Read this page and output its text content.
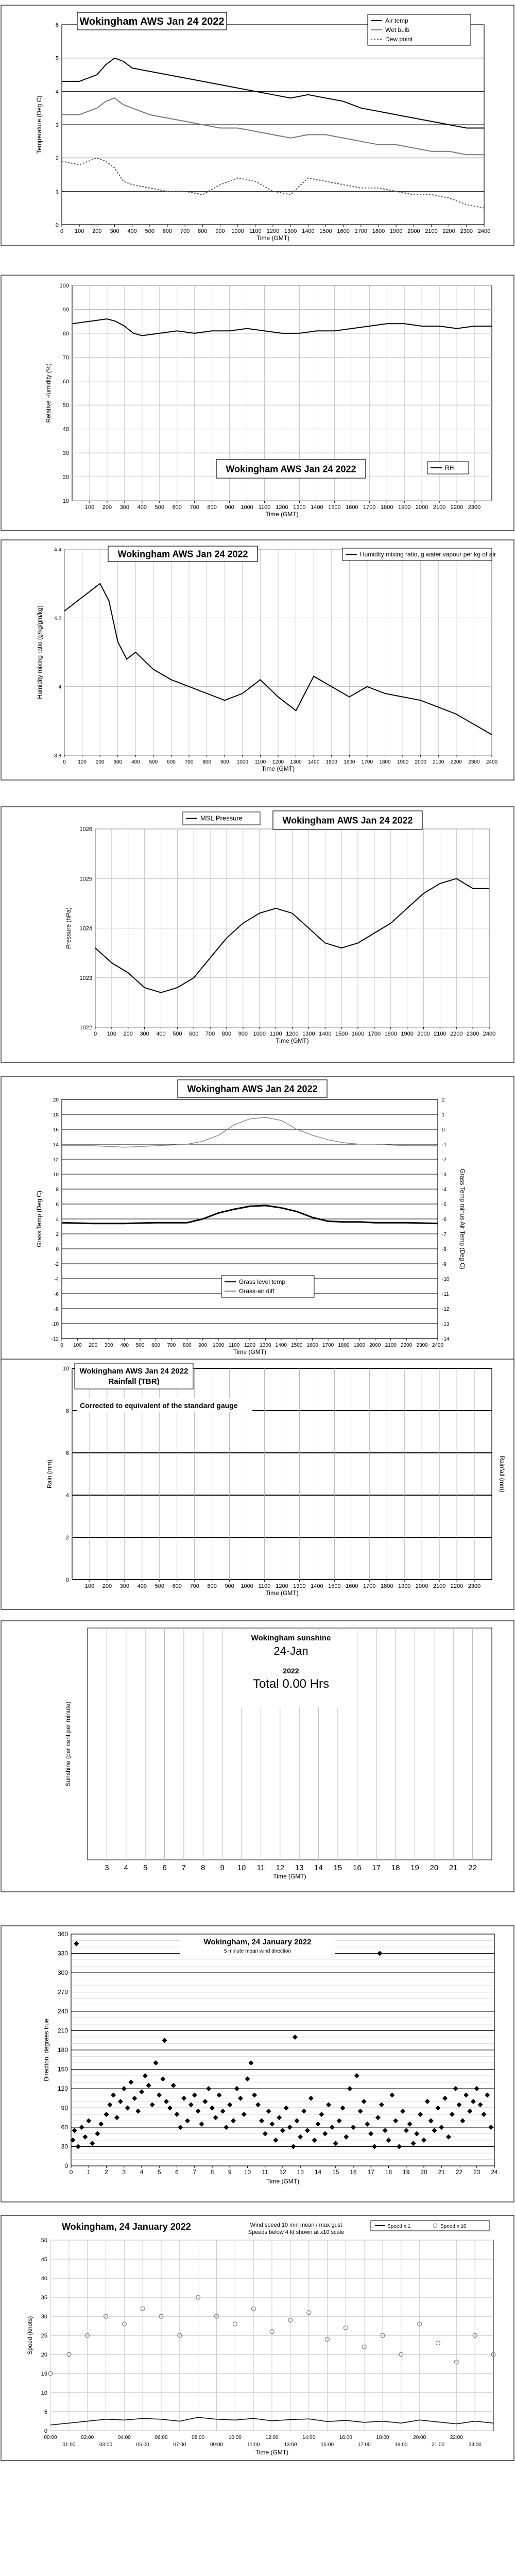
0
1
2
3
4
5
6
0 100 200 300 400 500 600 700 800 900 1000 1100 1200 1300 1400 1500 1600 1700 1800 1900 2000 2100 2200 2300 2400
Time (GMT)
Temperature (Deg C)
Wokingham AWS Jan 24 2022	Air temp
Wet bulb
Dew point
10
20
30
40
50
60
70
80
90
100
100 200 300 400 500 600 700 800 900 1000 1100 1200 1300 1400 1500 1600 1700 1800 1900 2000 2100 2200 2300
Time (GMT)
Relative Humidity (%)
Wokingham AWS Jan 24 2022	RH
3.8
4
4.2
4.4
0 100 200 300 400 500 600 700 800 900 1000 1100 1200 1300 1400 1500 1600 1700 1800 1900 2000 2100 2200 2300 2400
Time (GMT)
Humidity mixing ratio (g/kg/gm/kg)
Wokingham AWS Jan 24 2022	Humidity mixing ratio, g water vapour per kg of air
1022
1023
1024
1025
1026
0 100 200 300 400 500 600 700 800 900 1000 1100 1200 1300 1400 1500 1600 1700 1800 1900 2000 2100 2200 2300 2400
Time (GMT)
Pressure (hPa)
MSL Pressure	Wokingham AWS Jan 24 2022
-12
-10
-8
-6
-4
-2
0
2
4
6
8
10
12
14
16
18
20
0 100 200 300 400 500 600 700 800 900 1000 1100 1200 1300 1400 1500 1600 1700 1800 1900 2000 2100 2200 2300 2400
Time (GMT)
Grass Temp (Deg C)
-14
-13
-12
-11
-10
-9
-8
-7
-6
-5
-4
-3
-2
-1
0
1
2
Grass Temp minus Air Temp (Deg C)
Wokingham AWS Jan 24 2022
Grass level temp
Grass-air diff
0
2
4
6
8
10
100 200 300 400 500 600 700 800 900 1000 1100 1200 1300 1400 1500 1600 1700 1800 1900 2000 2100 2200 2300
Time (GMT)
Rain (mm)	Rainfall (mm)
Wokingham AWS Jan 24 2022
Rainfall (TBR)
Corrected to equivalent of the standard gauge
3 4 5 6 7 8 9 10 11 12 13 14 15 16 17 18 19 20 21 22
Time (GMT)
Sunshine (per cent per minute)
Wokingham sunshine
24-Jan
2022
Total 0.00 Hrs
0
30
60
90
120
150
180
210
240
270
300
330
360
0 1 2 3 4 5 6 7 8 9 10 11 12 13 14 15 16 17 18 19 20 21 22 23 24
Time (GMT)
Direction, degrees true
Wokingham, 24 January 2022
5 minute mean wind direction
0
5
10
15
20
25
30
35
40
45
50
00:00
01:00
02:00
03:00
04:00
05:00
06:00
07:00
08:00
09:00
10:00
11:00
12:00
13:00
14:00
15:00
16:00
17:00
18:00
19:00
20:00
21:00
22:00
23:00
Time (GMT)
Speed (knots)
Wokingham, 24 January 2022	Wind speed 10 min mean / max gust
Speeds below 4 kt shown at x10 scale
Speed x 1	Speed x 10
